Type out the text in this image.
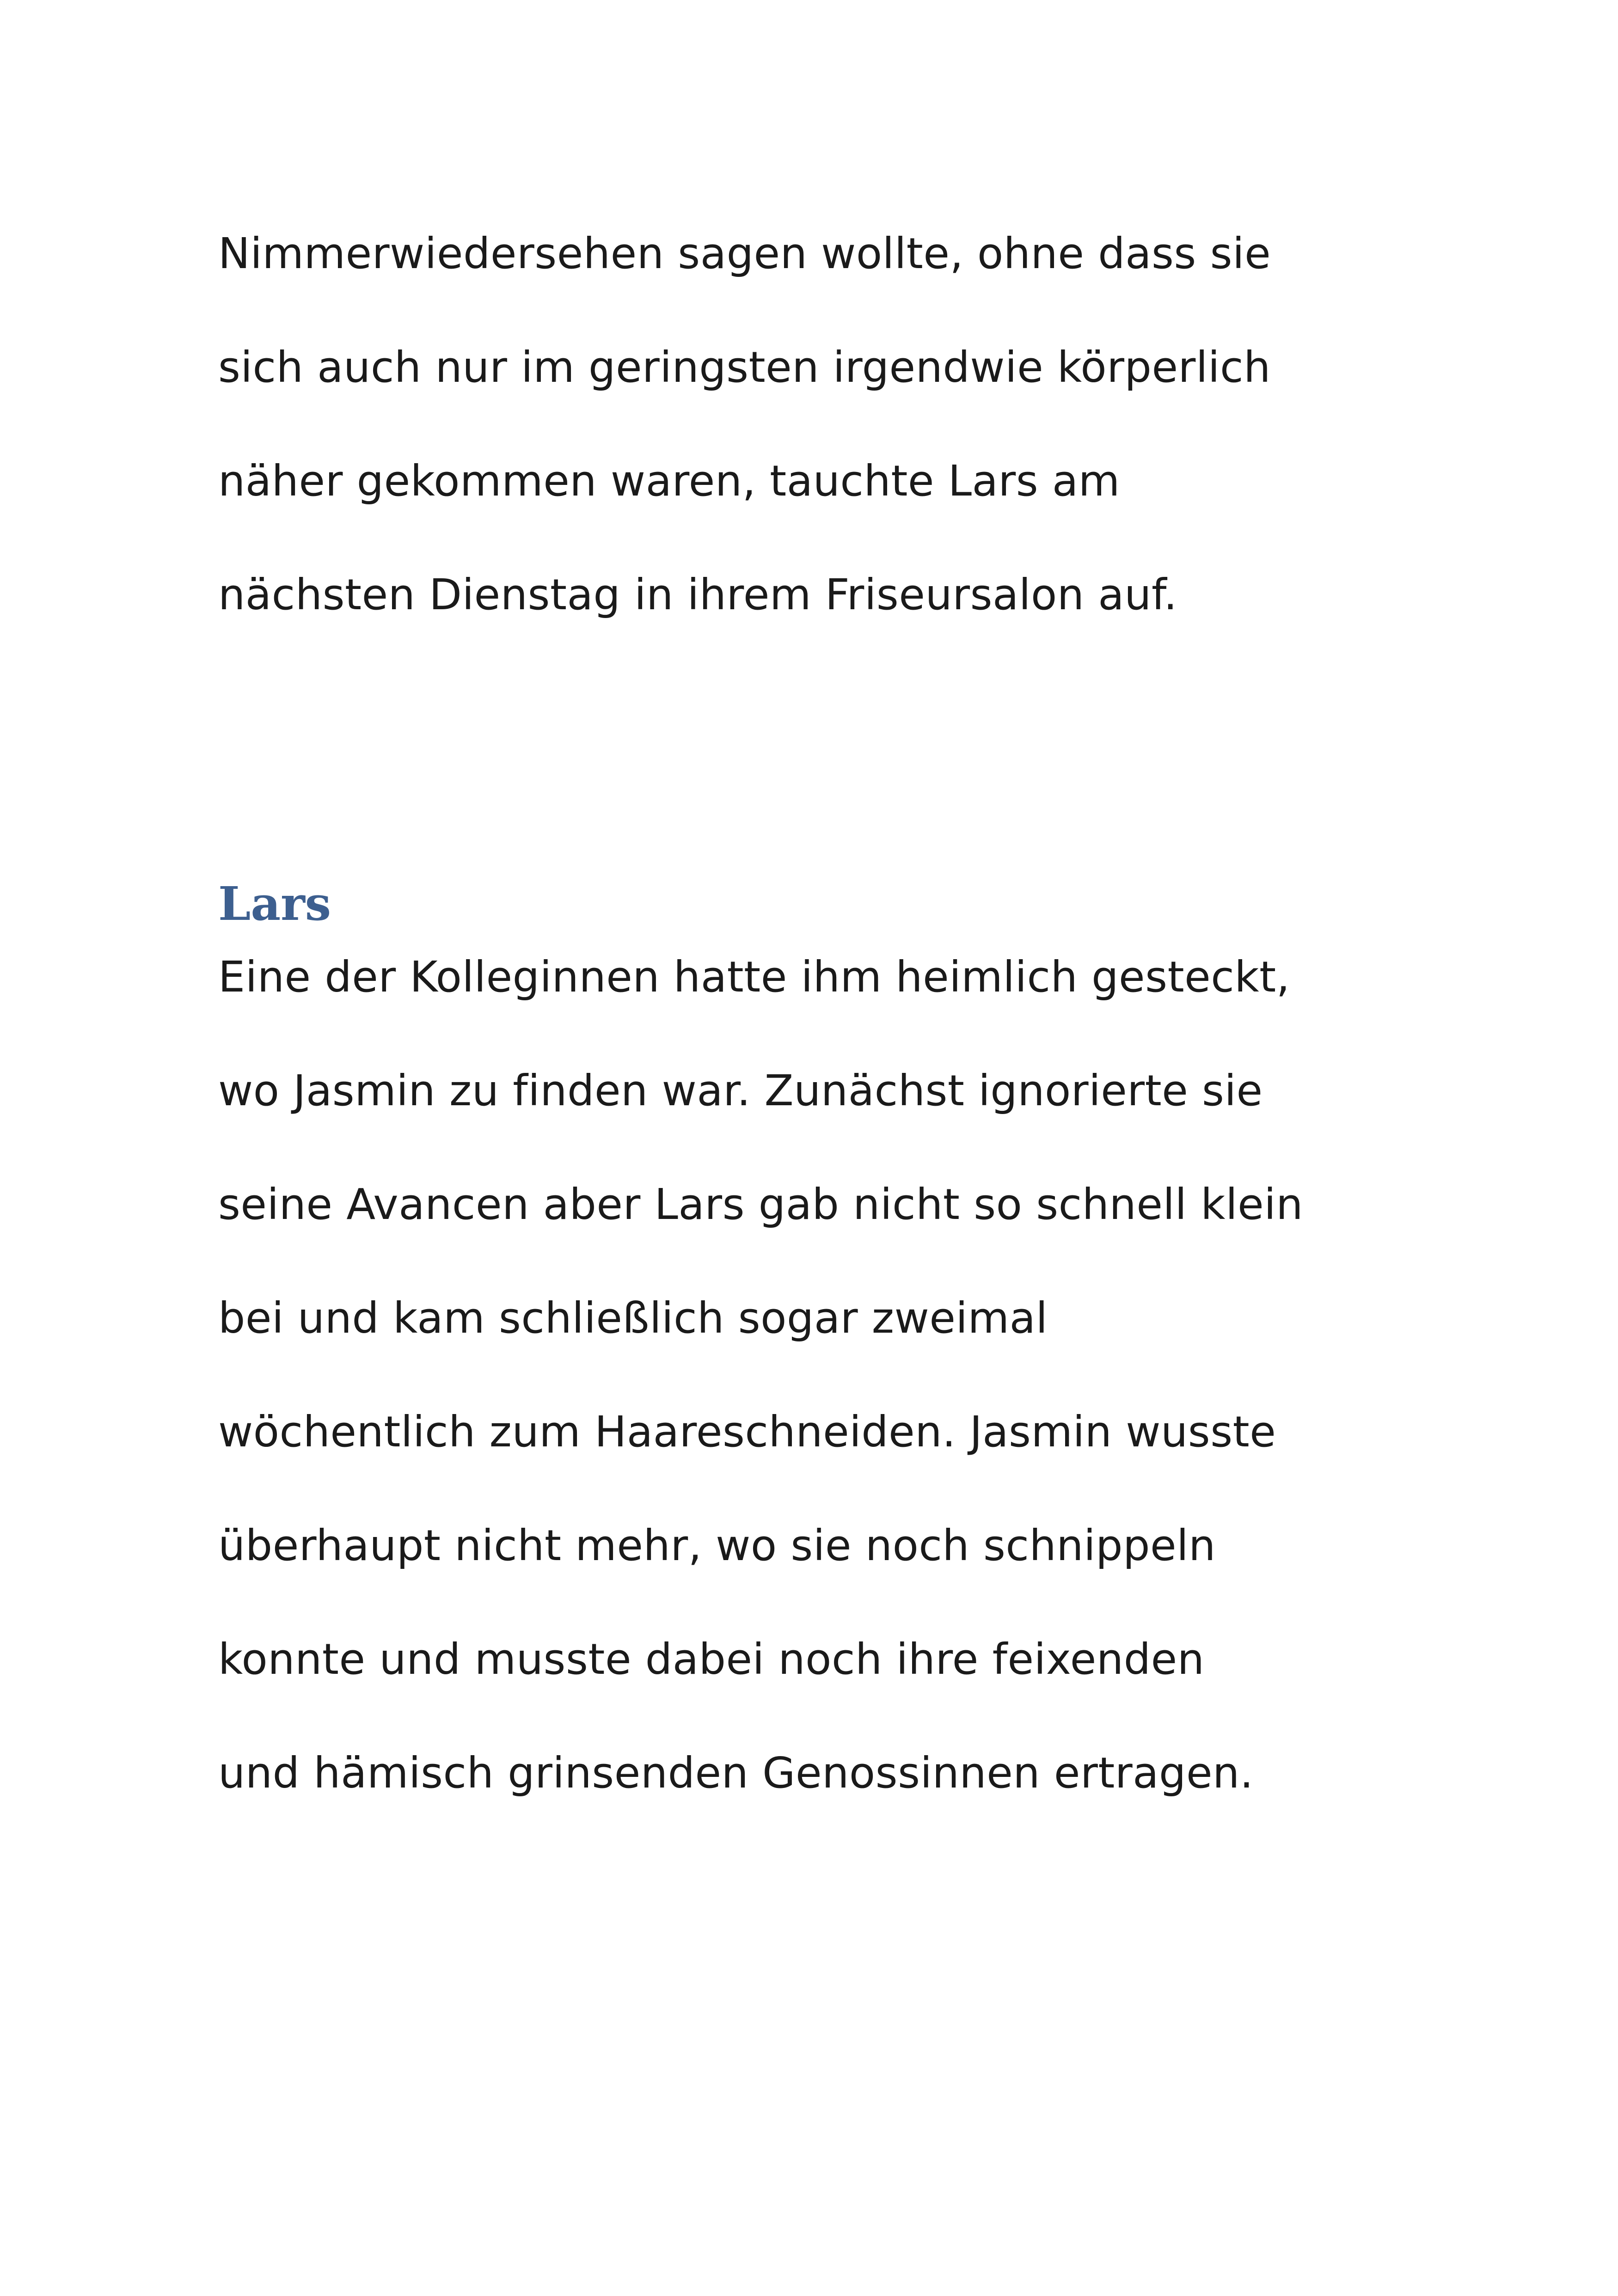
Nimmerwiedersehen sagen wollte, ohne dass sie
sich auch nur im geringsten irgendwie körperlich
näher gekommen waren, tauchte Lars am
nächsten Dienstag in ihrem Friseursalon auf.
Lars
Eine der Kolleginnen hatte ihm heimlich gesteckt,
wo Jasmin zu finden war. Zunächst ignorierte sie
seine Avancen aber Lars gab nicht so schnell klein
bei und kam schließlich sogar zweimal
wöchentlich zum Haareschneiden. Jasmin wusste
überhaupt nicht mehr, wo sie noch schnippeln
konnte und musste dabei noch ihre feixenden
und hämisch grinsenden Genossinnen ertragen.
